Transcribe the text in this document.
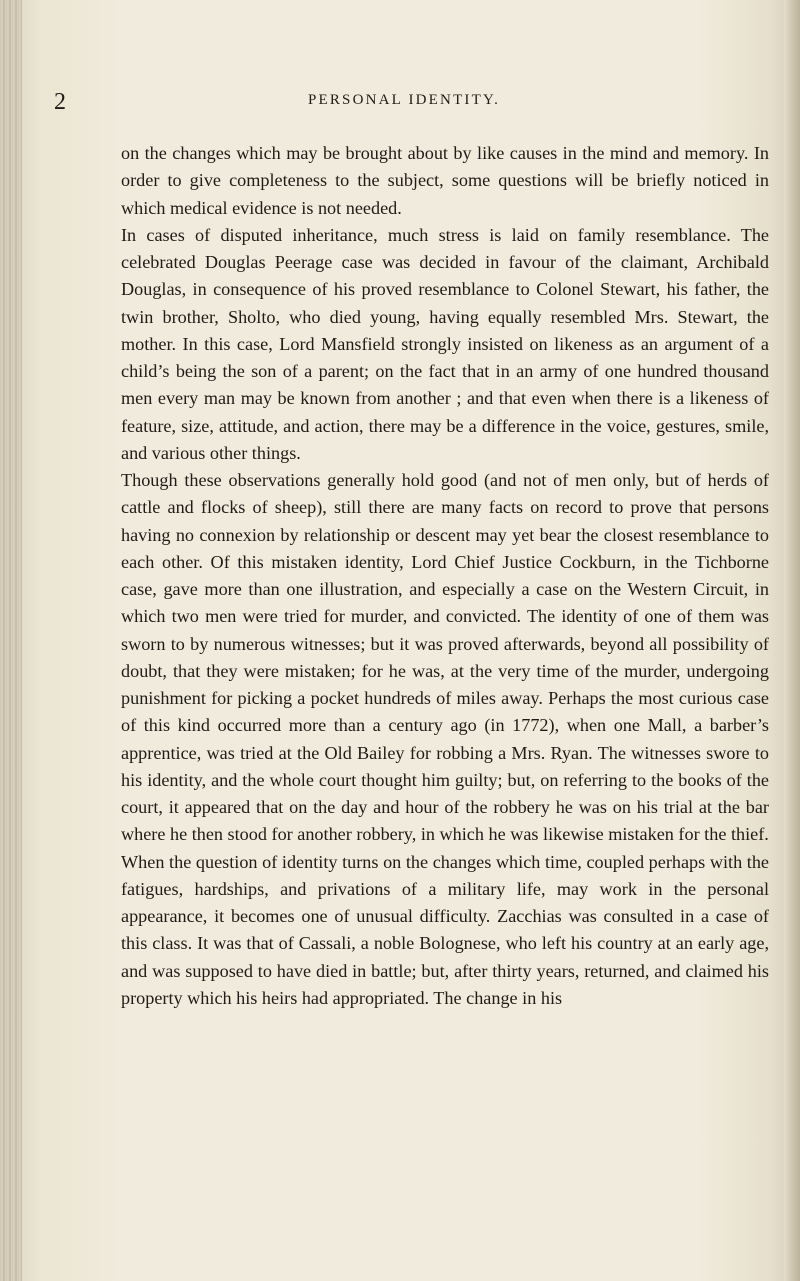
2	PERSONAL IDENTITY.

on the changes which may be brought about by like causes in the mind and memory. In order to give completeness to the subject, some questions will be briefly noticed in which medical evidence is not needed.

In cases of disputed inheritance, much stress is laid on family resemblance. The celebrated Douglas Peerage case was decided in favour of the claimant, Archibald Douglas, in consequence of his proved resemblance to Colonel Stewart, his father, the twin brother, Sholto, who died young, having equally resembled Mrs. Stewart, the mother. In this case, Lord Mansfield strongly insisted on likeness as an argument of a child’s being the son of a parent; on the fact that in an army of one hundred thousand men every man may be known from another ; and that even when there is a likeness of feature, size, attitude, and action, there may be a difference in the voice, gestures, smile, and various other things.

Though these observations generally hold good (and not of men only, but of herds of cattle and flocks of sheep), still there are many facts on record to prove that persons having no connexion by relationship or descent may yet bear the closest resemblance to each other. Of this mistaken identity, Lord Chief Justice Cockburn, in the Tichborne case, gave more than one illustration, and especially a case on the Western Circuit, in which two men were tried for murder, and convicted. The identity of one of them was sworn to by numerous witnesses; but it was proved afterwards, beyond all possibility of doubt, that they were mistaken; for he was, at the very time of the murder, undergoing punishment for picking a pocket hundreds of miles away. Perhaps the most curious case of this kind occurred more than a century ago (in 1772), when one Mall, a barber’s apprentice, was tried at the Old Bailey for robbing a Mrs. Ryan. The witnesses swore to his identity, and the whole court thought him guilty; but, on referring to the books of the court, it appeared that on the day and hour of the robbery he was on his trial at the bar where he then stood for another robbery, in which he was likewise mistaken for the thief.

When the question of identity turns on the changes which time, coupled perhaps with the fatigues, hardships, and privations of a military life, may work in the personal appearance, it becomes one of unusual difficulty. Zacchias was consulted in a case of this class. It was that of Cassali, a noble Bolognese, who left his country at an early age, and was supposed to have died in battle; but, after thirty years, returned, and claimed his property which his heirs had appropriated. The change in his
